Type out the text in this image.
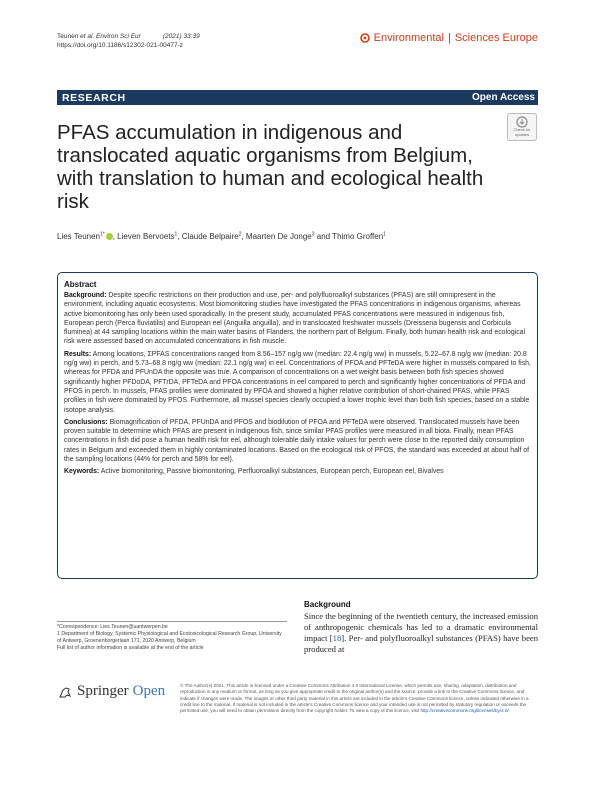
Teunen et al. Environ Sci Eur	(2021) 33:39
https://doi.org/10.1186/s12302-021-00477-z
Environmental | Sciences Europe
RESEARCH	Open Access
Check for
updates
PFAS accumulation in indigenous and translocated aquatic organisms from Belgium, with translation to human and ecological health risk
Lies Teunen$^{1*}$ , Lieven Bervoets$^1$, Claude Belpaire$^2$, Maarten De Jonge$^3$ and Thimo Groffen$^1$
Abstract

Background: Despite specific restrictions on their production and use, per- and polyfluoroalkyl substances (PFAS) are still omnipresent in the environment, including aquatic ecosystems. Most biomonitoring studies have investigated the PFAS concentrations in indigenous organisms, whereas active biomonitoring has only been used sporadically. In the present study, accumulated PFAS concentrations were measured in indigenous fish, European perch (Perca fluviatilis) and European eel (Anguilla anguilla), and in translocated freshwater mussels (Dreissena bugensis and Corbicula fluminea) at 44 sampling locations within the main water basins of Flanders, the northern part of Belgium. Finally, both human health risk and ecological risk were assessed based on accumulated concentrations in fish muscle.

Results: Among locations, ΣPFAS concentrations ranged from 8.56–157 ng/g ww (median: 22.4 ng/g ww) in mussels, 5.22–67.8 ng/g ww (median: 20.8 ng/g ww) in perch, and 5.73–68.8 ng/g ww (median: 22.1 ng/g ww) in eel. Concentrations of PFOA and PFTeDA were higher in mussels compared to fish, whereas for PFDA and PFUnDA the opposite was true. A comparison of concentrations on a wet weight basis between both fish species showed significantly higher PFDoDA, PFTrDA, PFTeDA and PFOA concentrations in eel compared to perch and significantly higher concentrations of PFDA and PFOS in perch. In mussels, PFAS profiles were dominated by PFOA and showed a higher relative contribution of short-chained PFAS, while PFAS profiles in fish were dominated by PFOS. Furthermore, all mussel species clearly occupied a lower trophic level than both fish species, based on a stable isotope analysis.

Conclusions: Biomagnification of PFDA, PFUnDA and PFOS and biodilution of PFOA and PFTeDA were observed. Translocated mussels have been proven suitable to determine which PFAS are present in indigenous fish, since similar PFAS profiles were measured in all biota. Finally, mean PFAS concentrations in fish did pose a human health risk for eel, although tolerable daily intake values for perch were close to the reported daily consumption rates in Belgium and exceeded them in highly contaminated locations. Based on the ecological risk of PFOS, the standard was exceeded at about half of the sampling locations (44% for perch and 58% for eel).

Keywords: Active biomonitoring, Passive biomonitoring, Perfluoroalkyl substances, European perch, European eel, Bivalves

*Correspondence: Lies.Teunen@uantwerpen.be
1 Department of Biology, Systemic Physiological and Ecotoxicological Research Group, University of Antwerp, Groenenborgerlaan 171, 2020 Antwerp, Belgium
Full list of author information is available at the end of the article
Background

Since the beginning of the twentieth century, the increased emission of anthropogenic chemicals has led to a dramatic environmental impact [18]. Per- and polyfluoroalkyl substances (PFAS) have been produced at

Springer Open	© The Author(s) 2021. This article is licensed under a Creative Commons Attribution 4.0 International License, which permits use, sharing, adaptation, distribution and reproduction in any medium or format, as long as you give appropriate credit to the original author(s) and the source, provide a link to the Creative Commons licence, and indicate if changes were made. The images or other third party material in this article are included in the article's Creative Commons licence, unless indicated otherwise in a credit line to the material. If material is not included in the article's Creative Commons licence and your intended use is not permitted by statutory regulation or exceeds the permitted use, you will need to obtain permission directly from the copyright holder. To view a copy of this licence, visit http://creativecommons.org/licenses/by/4.0/.
